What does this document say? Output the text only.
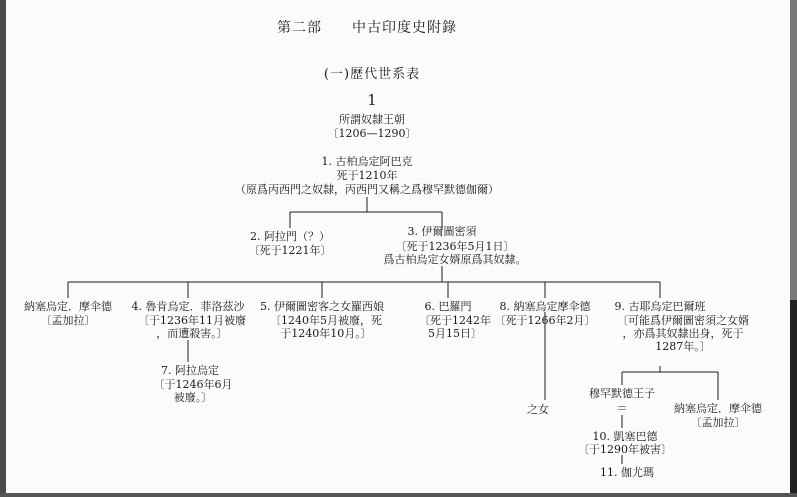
第二部 中古印度史附錄
(一)歷代世系表
1
所謂奴隸王朝
〔1206—1290〕
1. 古柏烏定阿巴克
死于1210年
（原爲丙西門之奴隸，丙西門又稱之爲穆罕默德伽爾）
2. 阿拉門（？）
〔死于1221年〕
3. 伊爾圖密須
〔死于1236年5月1日〕
爲古柏烏定女婿原爲其奴隸。
納塞烏定．摩伞德
〔孟加拉〕
4. 魯肯烏定．菲洛茲沙
〔于1236年11月被廢
，而遭殺害。〕
5. 伊爾圖密客之女羅西娘
〔1240年5月被廢，死
于1240年10月。〕
6. 巴羅門
〔死于1242年
5月15日〕
8. 納塞烏定摩伞德
〔死于1266年2月〕
9. 古耶烏定巴爾班
〔可能爲伊爾圖密須之女婿
，亦爲其奴隸出身，死于
1287年。〕
7. 阿拉烏定
〔于1246年6月
被廢。〕
之女
穆罕默德王子
＝	納塞烏定．摩伞德
〔孟加拉〕
10. 凱塞巴德
〔于1290年被害〕
11. 伽尤瑪
